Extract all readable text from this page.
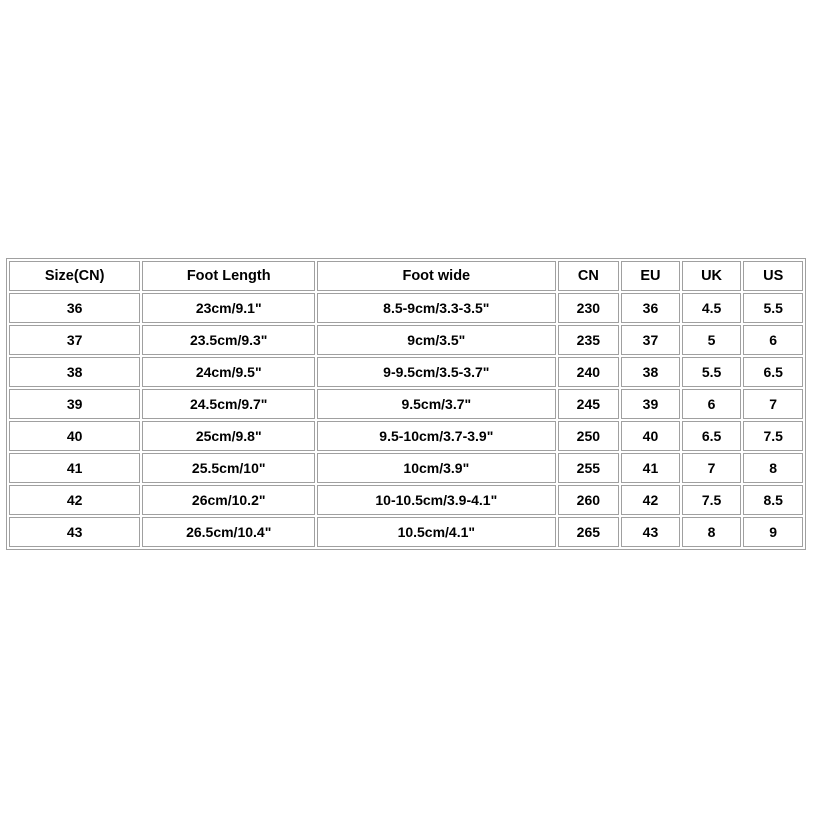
Size(CN)	Foot Length	Foot wide	CN	EU	UK	US
36	23cm/9.1"	8.5-9cm/3.3-3.5"	230	36	4.5	5.5
37	23.5cm/9.3"	9cm/3.5"	235	37	5	6
38	24cm/9.5"	9-9.5cm/3.5-3.7"	240	38	5.5	6.5
39	24.5cm/9.7"	9.5cm/3.7"	245	39	6	7
40	25cm/9.8"	9.5-10cm/3.7-3.9"	250	40	6.5	7.5
41	25.5cm/10"	10cm/3.9"	255	41	7	8
42	26cm/10.2"	10-10.5cm/3.9-4.1"	260	42	7.5	8.5
43	26.5cm/10.4"	10.5cm/4.1"	265	43	8	9
